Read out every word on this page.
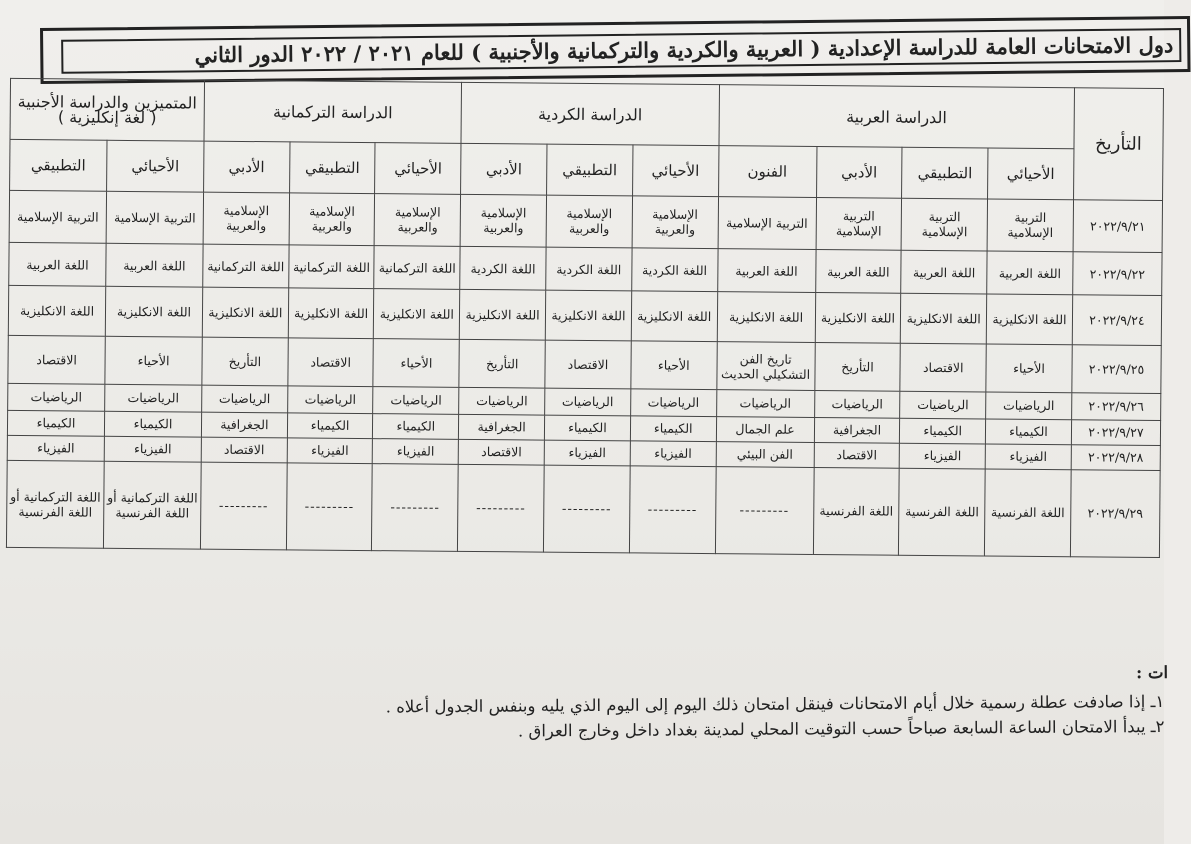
دول الامتحانات العامة للدراسة الإعدادية ( العربية والكردية والتركمانية والأجنبية ) للعام ٢٠٢١ / ٢٠٢٢ الدور الثاني
التأريخ	الدراسة العربية				الدراسة الكردية			الدراسة التركمانية			المتميزين والدراسة الأجنبية ( لغة إنكليزية )	
	الأحيائي	التطبيقي	الأدبي	الفنون	الأحيائي	التطبيقي	الأدبي	الأحيائي	التطبيقي	الأدبي	الأحيائي	التطبيقي
٢٠٢٢/٩/٢١	التربية الإسلامية	التربية الإسلامية	التربية الإسلامية	التربية الإسلامية	الإسلامية والعربية	الإسلامية والعربية	الإسلامية والعربية	الإسلامية والعربية	الإسلامية والعربية	الإسلامية والعربية	التربية الإسلامية	التربية الإسلامية
٢٠٢٢/٩/٢٢	اللغة العربية	اللغة العربية	اللغة العربية	اللغة العربية	اللغة الكردية	اللغة الكردية	اللغة الكردية	اللغة التركمانية	اللغة التركمانية	اللغة التركمانية	اللغة العربية	اللغة العربية
٢٠٢٢/٩/٢٤	اللغة الانكليزية	اللغة الانكليزية	اللغة الانكليزية	اللغة الانكليزية	اللغة الانكليزية	اللغة الانكليزية	اللغة الانكليزية	اللغة الانكليزية	اللغة الانكليزية	اللغة الانكليزية	اللغة الانكليزية	اللغة الانكليزية
٢٠٢٢/٩/٢٥	الأحياء	الاقتصاد	التأريخ	تاريخ الفن التشكيلي الحديث	الأحياء	الاقتصاد	التأريخ	الأحياء	الاقتصاد	التأريخ	الأحياء	الاقتصاد
٢٠٢٢/٩/٢٦	الرياضيات	الرياضيات	الرياضيات	الرياضيات	الرياضيات	الرياضيات	الرياضيات	الرياضيات	الرياضيات	الرياضيات	الرياضيات	الرياضيات
٢٠٢٢/٩/٢٧	الكيمياء	الكيمياء	الجغرافية	علم الجمال	الكيمياء	الكيمياء	الجغرافية	الكيمياء	الكيمياء	الجغرافية	الكيمياء	الكيمياء
٢٠٢٢/٩/٢٨	الفيزياء	الفيزياء	الاقتصاد	الفن البيئي	الفيزياء	الفيزياء	الاقتصاد	الفيزياء	الفيزياء	الاقتصاد	الفيزياء	الفيزياء
٢٠٢٢/٩/٢٩	اللغة الفرنسية	اللغة الفرنسية	اللغة الفرنسية	---------	---------	---------	---------	---------	---------	---------	اللغة التركمانية أو اللغة الفرنسية	اللغة التركمانية أو اللغة الفرنسية
ات :
١ـ إذا صادفت عطلة رسمية خلال أيام الامتحانات فينقل امتحان ذلك اليوم إلى اليوم الذي يليه وبنفس الجدول أعلاه .
٢ـ يبدأ الامتحان الساعة السابعة صباحاً حسب التوقيت المحلي لمدينة بغداد داخل وخارج العراق .
